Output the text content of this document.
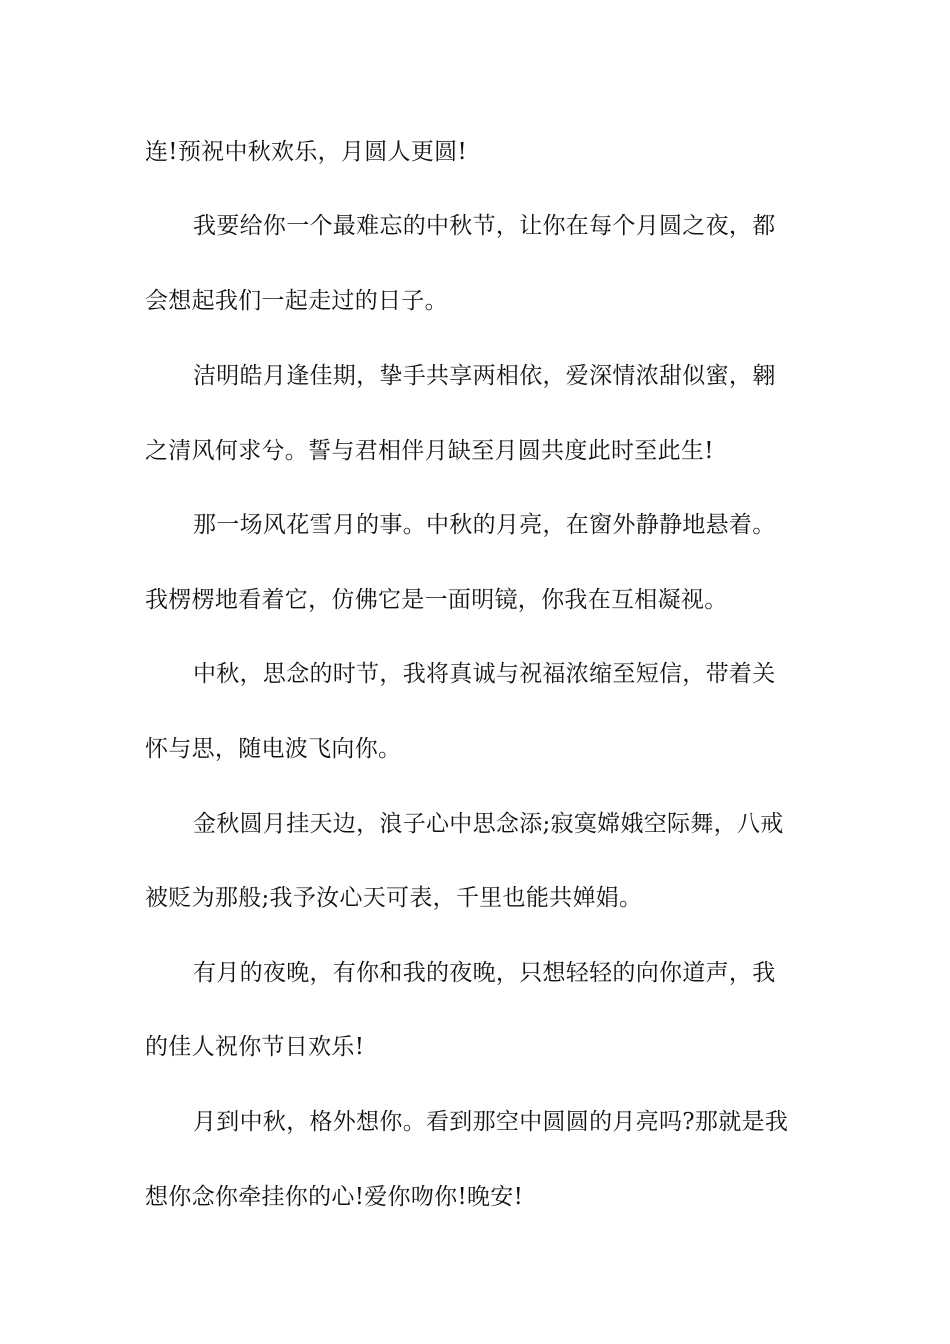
连!预祝中秋欢乐，月圆人更圆!

我要给你一个最难忘的中秋节，让你在每个月圆之夜，都

会想起我们一起走过的日子。

洁明皓月逢佳期，挚手共享两相依，爱深情浓甜似蜜，翱

之清风何求兮。誓与君相伴月缺至月圆共度此时至此生!

那一场风花雪月的事。中秋的月亮，在窗外静静地悬着。

我楞楞地看着它，仿佛它是一面明镜，你我在互相凝视。

中秋，思念的时节，我将真诚与祝福浓缩至短信，带着关

怀与思，随电波飞向你。

金秋圆月挂天边，浪子心中思念添;寂寞嫦娥空际舞，八戒

被贬为那般;我予汝心天可表，千里也能共婵娟。

有月的夜晚，有你和我的夜晚，只想轻轻的向你道声，我

的佳人祝你节日欢乐!

月到中秋，格外想你。看到那空中圆圆的月亮吗?那就是我

想你念你牵挂你的心!爱你吻你!晚安!
